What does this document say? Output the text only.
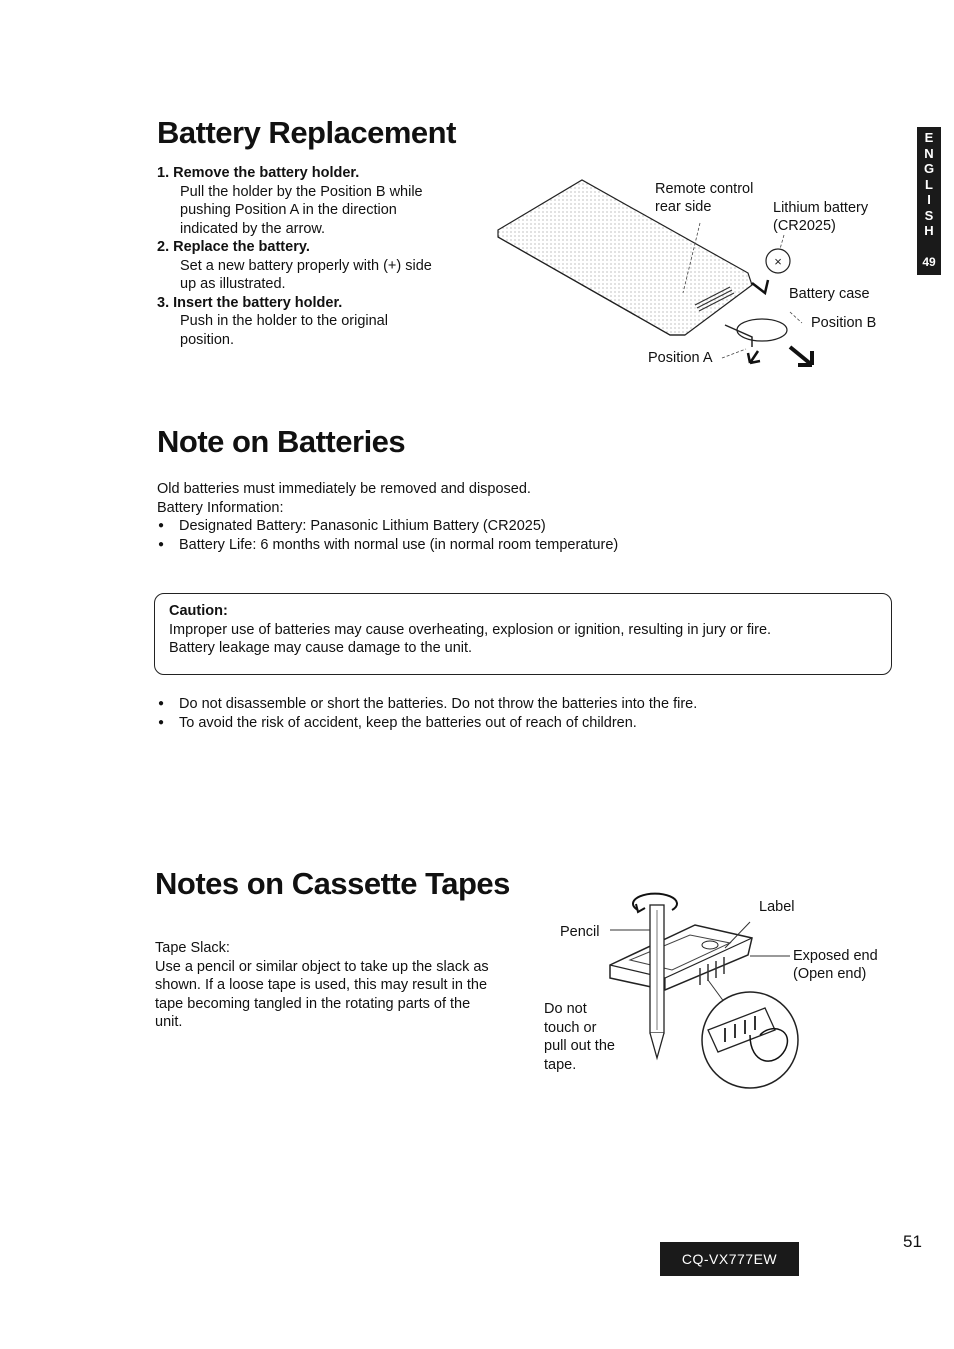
E
N
G
L
I
S
H
49
Battery Replacement
1. Remove the battery holder.
Pull the holder by the Position B while
pushing Position A in the direction
indicated by the arrow.
2. Replace the battery.
Set a new battery properly with (+) side
up as illustrated.
3. Insert the battery holder.
Push in the holder to the original
position.
×
Remote control
rear side	Lithium battery
(CR2025)
Battery case
Position B
Position A
Note on Batteries
Old batteries must immediately be removed and disposed.
Battery Information:
● Designated Battery: Panasonic Lithium Battery (CR2025)
● Battery Life: 6 months with normal use (in normal room temperature)
Caution:
Improper use of batteries may cause overheating, explosion or ignition, resulting in jury or fire.
Battery leakage may cause damage to the unit.
● Do not disassemble or short the batteries. Do not throw the batteries into the fire.
● To avoid the risk of accident, keep the batteries out of reach of children.
Notes on Cassette Tapes
Tape Slack:
Use a pencil or similar object to take up the slack as
shown. If a loose tape is used, this may result in the
tape becoming tangled in the rotating parts of the
unit.
Pencil
Label
Exposed end
(Open end)
Do not
touch or
pull out the
tape.
51
CQ-VX777EW
